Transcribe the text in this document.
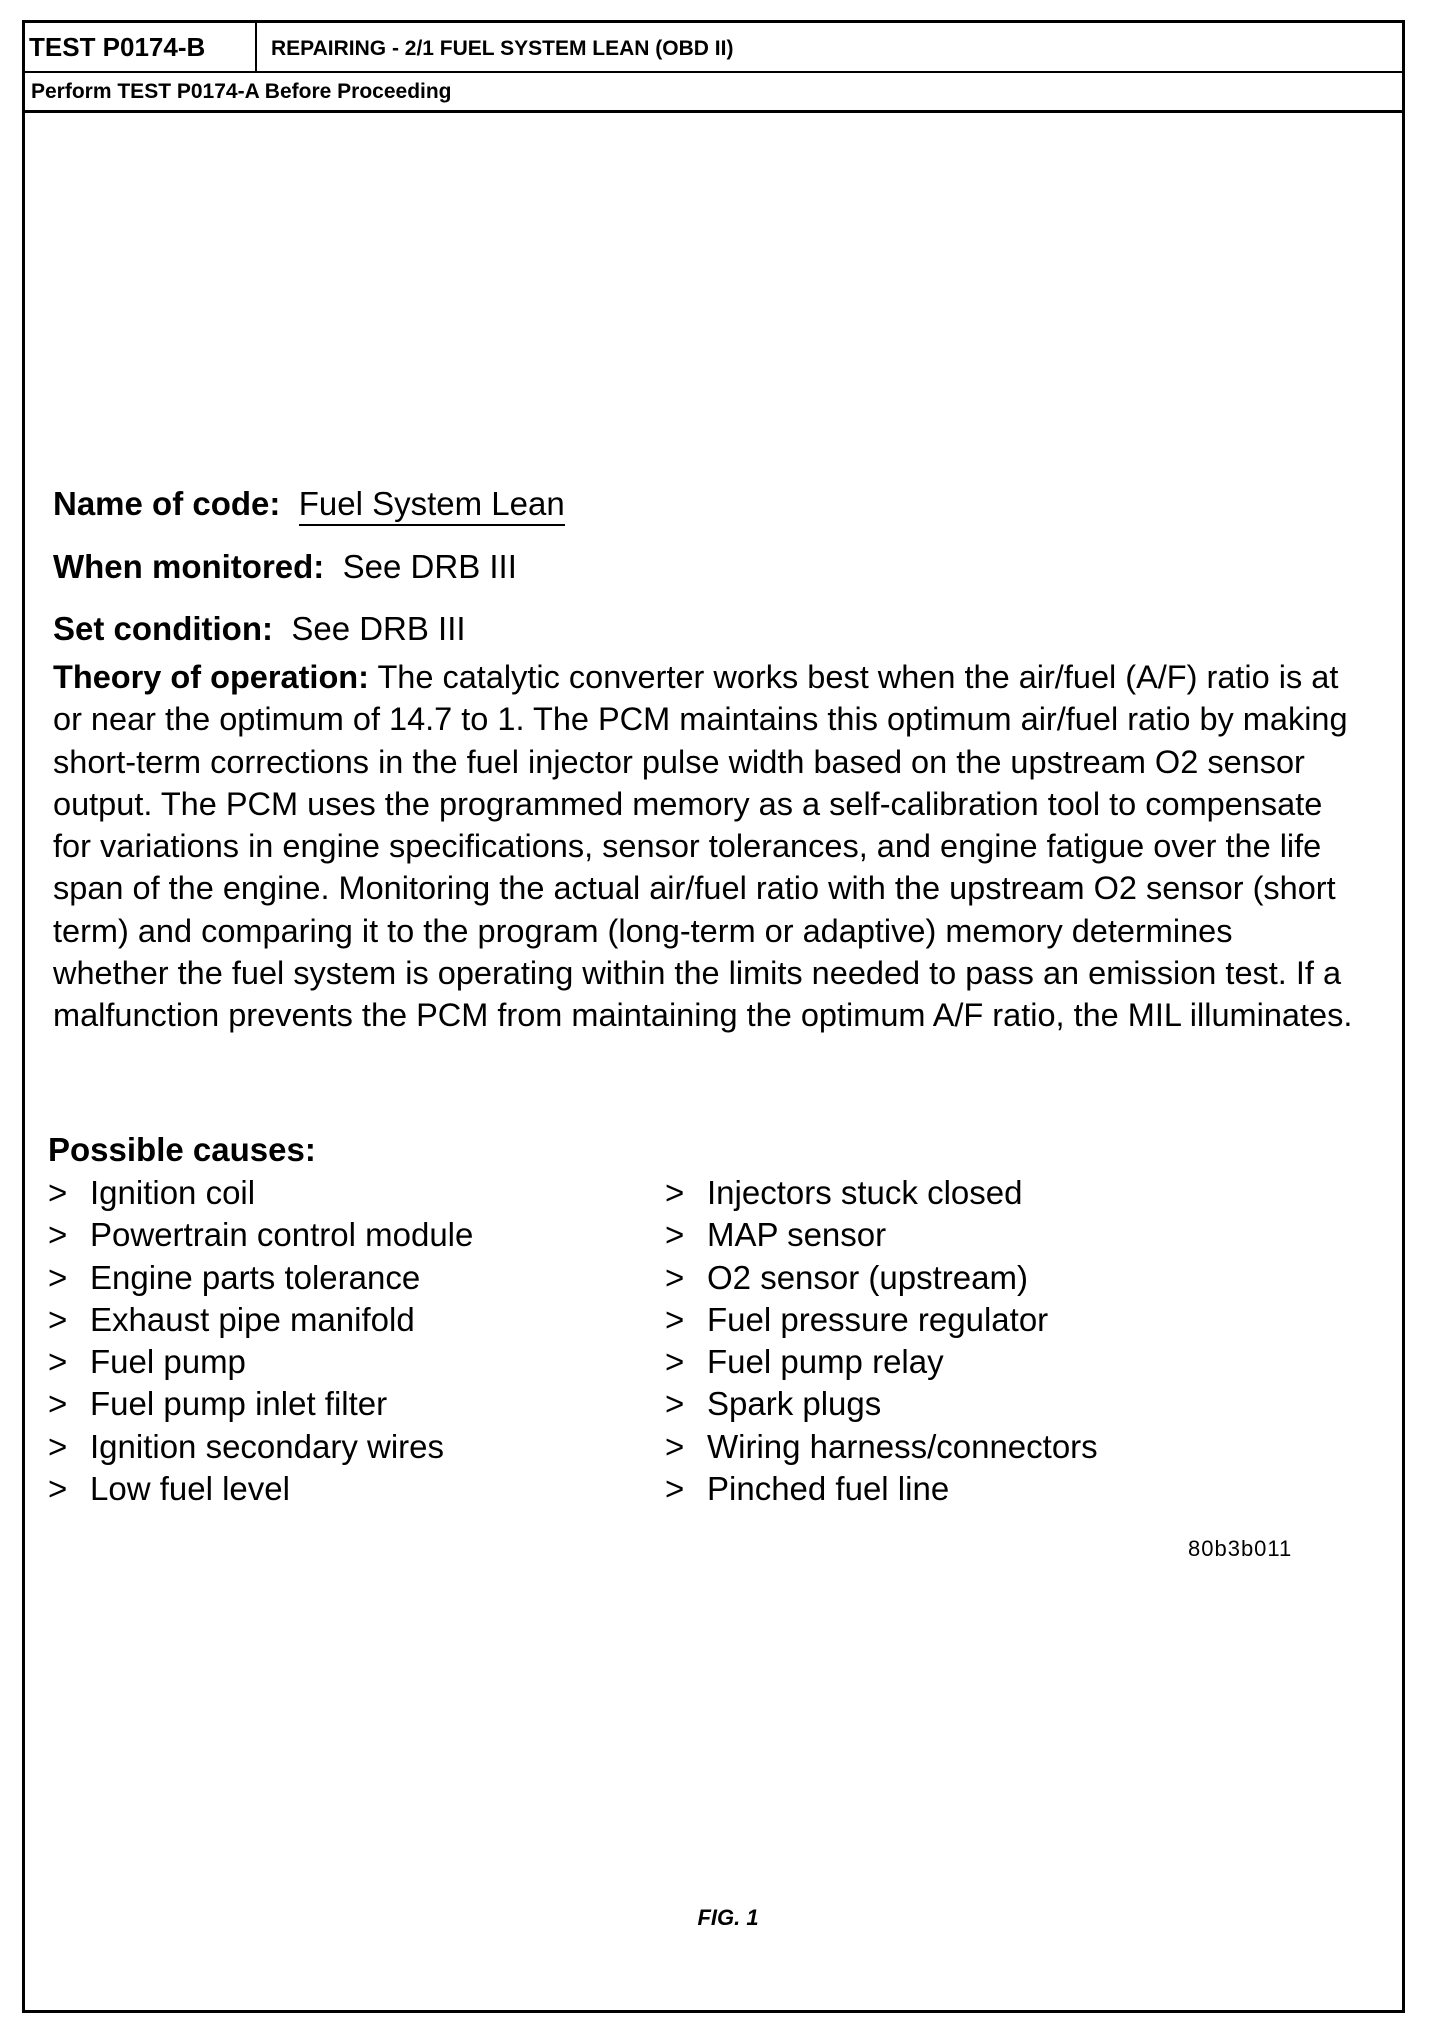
TEST P0174-B	REPAIRING - 2/1 FUEL SYSTEM LEAN (OBD II)
Perform TEST P0174-A Before Proceeding
Name of code: Fuel System Lean
When monitored: See DRB III
Set condition: See DRB III
Theory of operation: The catalytic converter works best when the air/fuel (A/F) ratio is at or near the optimum of 14.7 to 1. The PCM maintains this optimum air/fuel ratio by making short-term corrections in the fuel injector pulse width based on the upstream O2 sensor output. The PCM uses the programmed memory as a self-calibration tool to compensate for variations in engine specifications, sensor tolerances, and engine fatigue over the life span of the engine. Monitoring the actual air/fuel ratio with the upstream O2 sensor (short term) and comparing it to the program (long-term or adaptive) memory determines whether the fuel system is operating within the limits needed to pass an emission test. If a malfunction prevents the PCM from maintaining the optimum A/F ratio, the MIL illuminates.
Possible causes:
> Ignition coil
> Powertrain control module
> Engine parts tolerance
> Exhaust pipe manifold
> Fuel pump
> Fuel pump inlet filter
> Ignition secondary wires
> Low fuel level
> Injectors stuck closed
> MAP sensor
> O2 sensor (upstream)
> Fuel pressure regulator
> Fuel pump relay
> Spark plugs
> Wiring harness/connectors
> Pinched fuel line
80b3b011
FIG. 1
